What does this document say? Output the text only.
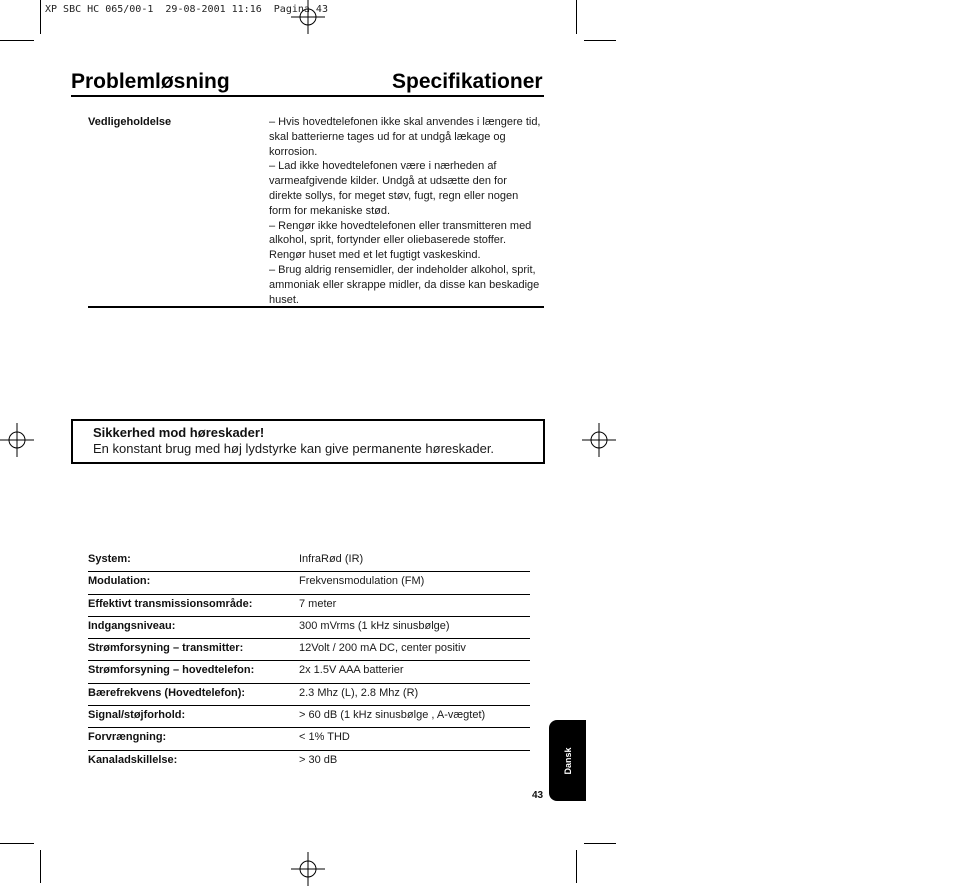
XP SBC HC 065/00-1  29-08-2001 11:16  Pagina 43
Problemløsning	Specifikationer
Vedligeholdelse	– Hvis hovedtelefonen ikke skal anvendes i længere tid, skal batterierne tages ud for at undgå lækage og korrosion.

– Lad ikke hovedtelefonen være i nærheden af varmeafgivende kilder. Undgå at udsætte den for direkte sollys, for meget støv, fugt, regn eller nogen form for mekaniske stød.

– Rengør ikke hovedtelefonen eller transmitteren med alkohol, sprit, fortynder eller oliebaserede stoffer. Rengør huset med et let fugtigt vaskeskind.

– Brug aldrig rensemidler, der indeholder alkohol, sprit, ammoniak eller skrappe midler, da disse kan beskadige huset.

Sikkerhed mod høreskader!
En konstant brug med høj lydstyrke kan give permanente høreskader.
System:	InfraRød (IR)
Modulation:	Frekvensmodulation (FM)
Effektivt transmissionsområde:	7 meter
Indgangsniveau:	300 mVrms (1 kHz sinusbølge)
Strømforsyning – transmitter:	12Volt / 200 mA DC, center positiv
Strømforsyning – hovedtelefon:	2x 1.5V AAA batterier
Bærefrekvens (Hovedtelefon):	2.3 Mhz (L), 2.8 Mhz (R)
Signal/støjforhold:	> 60 dB (1 kHz sinusbølge , A-vægtet)
Forvrængning:	< 1% THD
Kanaladskillelse:	> 30 dB	Dansk
43
